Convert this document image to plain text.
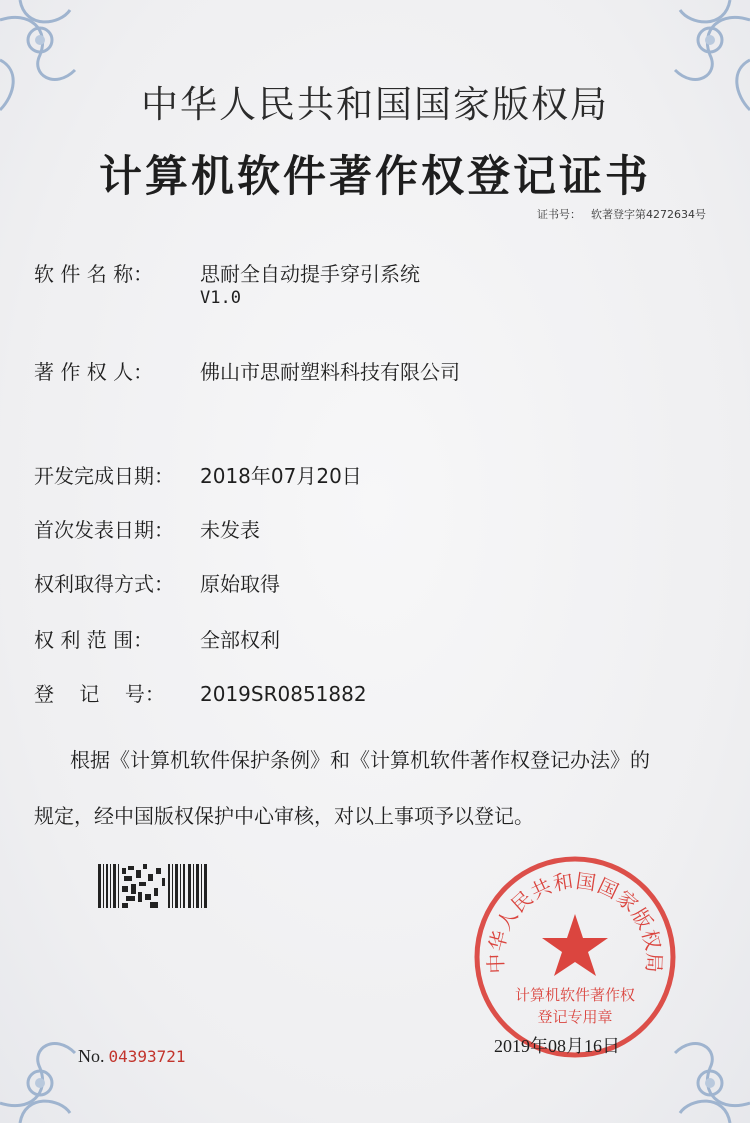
中华人民共和国国家版权局
计算机软件著作权登记证书
证书号： 软著登字第4272634号
软 件 名 称： 思耐全自动提手穿引系统
V1.0
著 作 权 人： 佛山市思耐塑料科技有限公司
开发完成日期： 2018年07月20日
首次发表日期： 未发表
权利取得方式： 原始取得
权 利 范 围： 全部权利
登    记    号： 2019SR0851882
根据《计算机软件保护条例》和《计算机软件著作权登记办法》的
规定，经中国版权保护中心审核，对以上事项予以登记。
中华人民共和国国家版权局
计算机软件著作权
登记专用章
2019年08月16日
No. 04393721
